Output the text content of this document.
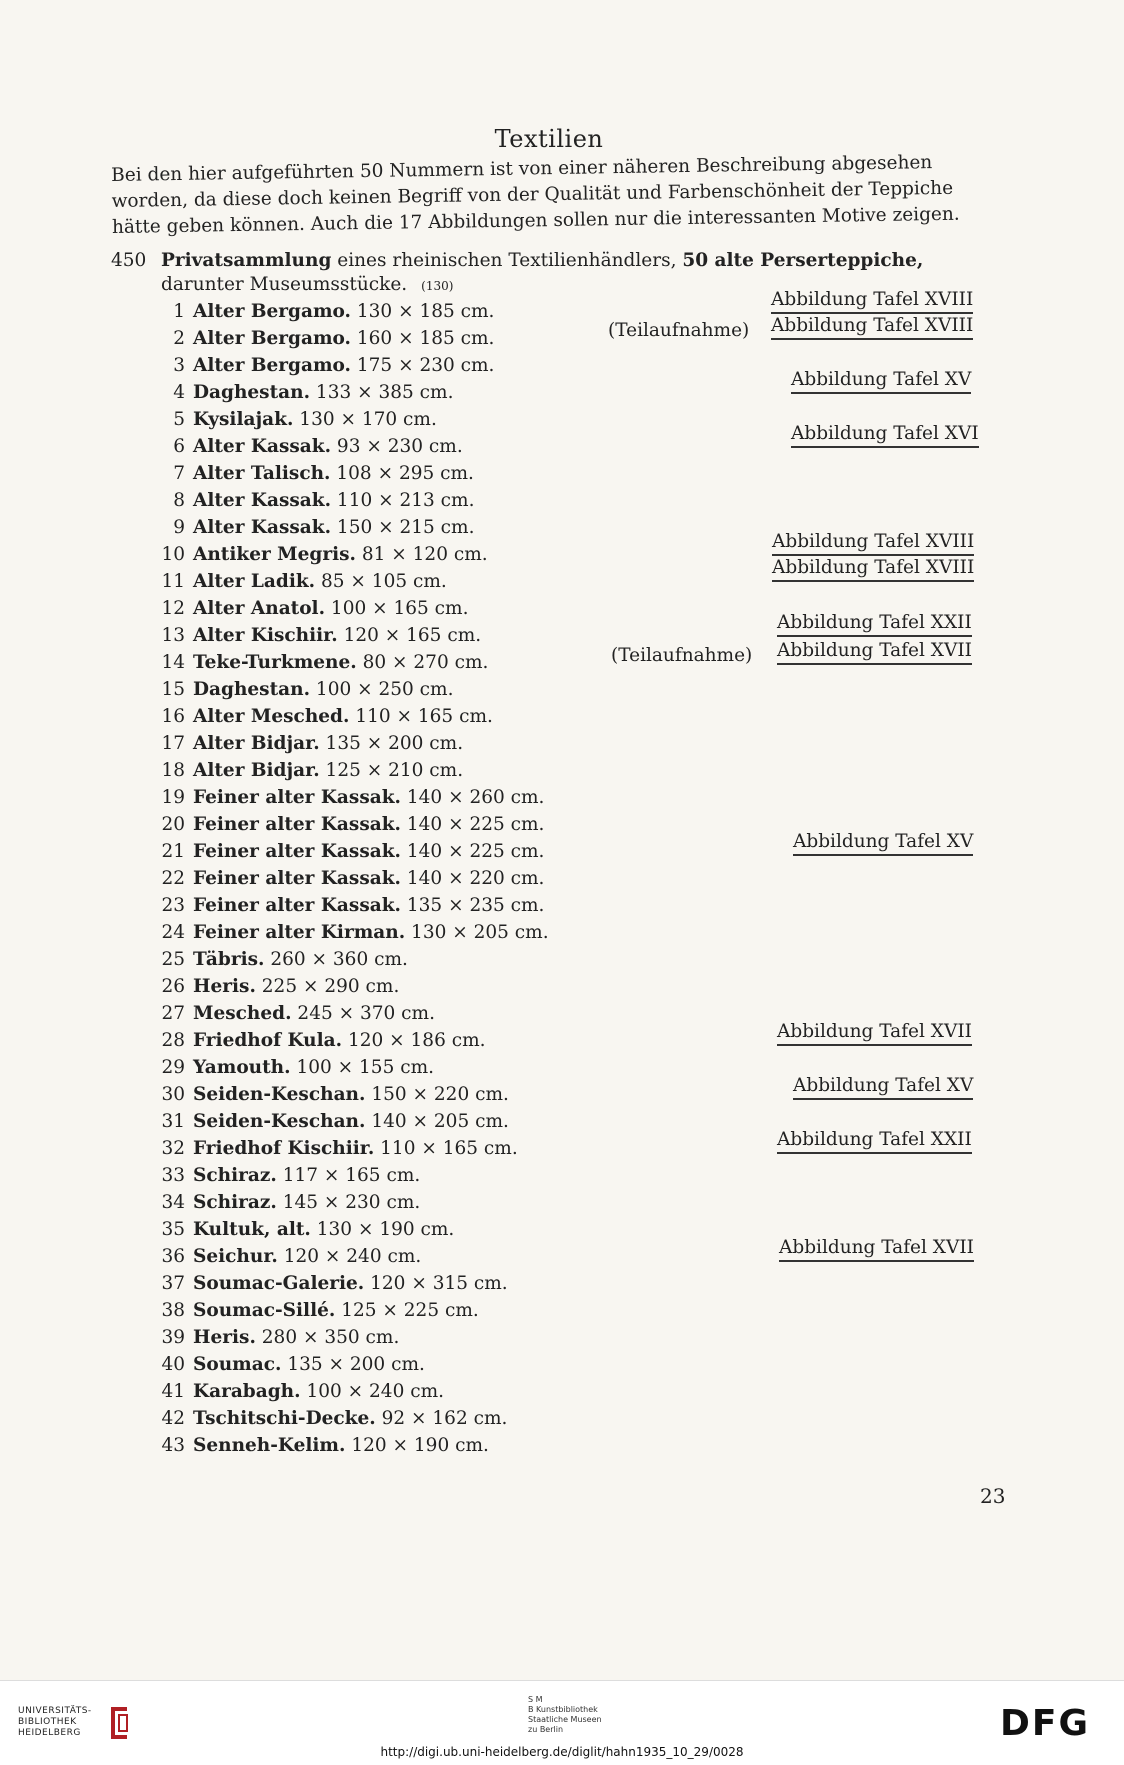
Textilien
Bei den hier aufgeführten 50 Nummern ist von einer näheren Beschreibung abgesehen worden, da diese doch keinen Begriff von der Qualität und Farbenschönheit der Teppiche hätte geben können. Auch die 17 Abbildungen sollen nur die interessanten Motive zeigen.
450 Privatsammlung eines rheinischen Textilienhändlers, 50 alte Perserteppiche, darunter Museumsstücke. (130)
1 Alter Bergamo. 130 × 185 cm.
2 Alter Bergamo. 160 × 185 cm.
3 Alter Bergamo. 175 × 230 cm.
4 Daghestan. 133 × 385 cm.
5 Kysilajak. 130 × 170 cm.
6 Alter Kassak. 93 × 230 cm.
7 Alter Talisch. 108 × 295 cm.
8 Alter Kassak. 110 × 213 cm.
9 Alter Kassak. 150 × 215 cm.
10 Antiker Megris. 81 × 120 cm.
11 Alter Ladik. 85 × 105 cm.
12 Alter Anatol. 100 × 165 cm.
13 Alter Kischiir. 120 × 165 cm.
14 Teke-Turkmene. 80 × 270 cm.
15 Daghestan. 100 × 250 cm.
16 Alter Mesched. 110 × 165 cm.
17 Alter Bidjar. 135 × 200 cm.
18 Alter Bidjar. 125 × 210 cm.
19 Feiner alter Kassak. 140 × 260 cm.
20 Feiner alter Kassak. 140 × 225 cm.
21 Feiner alter Kassak. 140 × 225 cm.
22 Feiner alter Kassak. 140 × 220 cm.
23 Feiner alter Kassak. 135 × 235 cm.
24 Feiner alter Kirman. 130 × 205 cm.
25 Täbris. 260 × 360 cm.
26 Heris. 225 × 290 cm.
27 Mesched. 245 × 370 cm.
28 Friedhof Kula. 120 × 186 cm.
29 Yamouth. 100 × 155 cm.
30 Seiden-Keschan. 150 × 220 cm.
31 Seiden-Keschan. 140 × 205 cm.
32 Friedhof Kischiir. 110 × 165 cm.
33 Schiraz. 117 × 165 cm.
34 Schiraz. 145 × 230 cm.
35 Kultuk, alt. 130 × 190 cm.
36 Seichur. 120 × 240 cm.
37 Soumac-Galerie. 120 × 315 cm.
38 Soumac-Sillé. 125 × 225 cm.
39 Heris. 280 × 350 cm.
40 Soumac. 135 × 200 cm.
41 Karabagh. 100 × 240 cm.
42 Tschitschi-Decke. 92 × 162 cm.
43 Senneh-Kelim. 120 × 190 cm.
Abbildung Tafel XVIII
Abbildung Tafel XVIII
Abbildung Tafel XV
Abbildung Tafel XVI
Abbildung Tafel XVIII
Abbildung Tafel XVIII
Abbildung Tafel XXII
Abbildung Tafel XVII
Abbildung Tafel XV
Abbildung Tafel XVII
Abbildung Tafel XV
Abbildung Tafel XXII
Abbildung Tafel XVII
(Teilaufnahme)
(Teilaufnahme)
23
UNIVERSITÄTS-
BIBLIOTHEK
HEIDELBERG
S M
B Kunstbibliothek
Staatliche Museen
zu Berlin	DFG
http://digi.ub.uni-heidelberg.de/diglit/hahn1935_10_29/0028
